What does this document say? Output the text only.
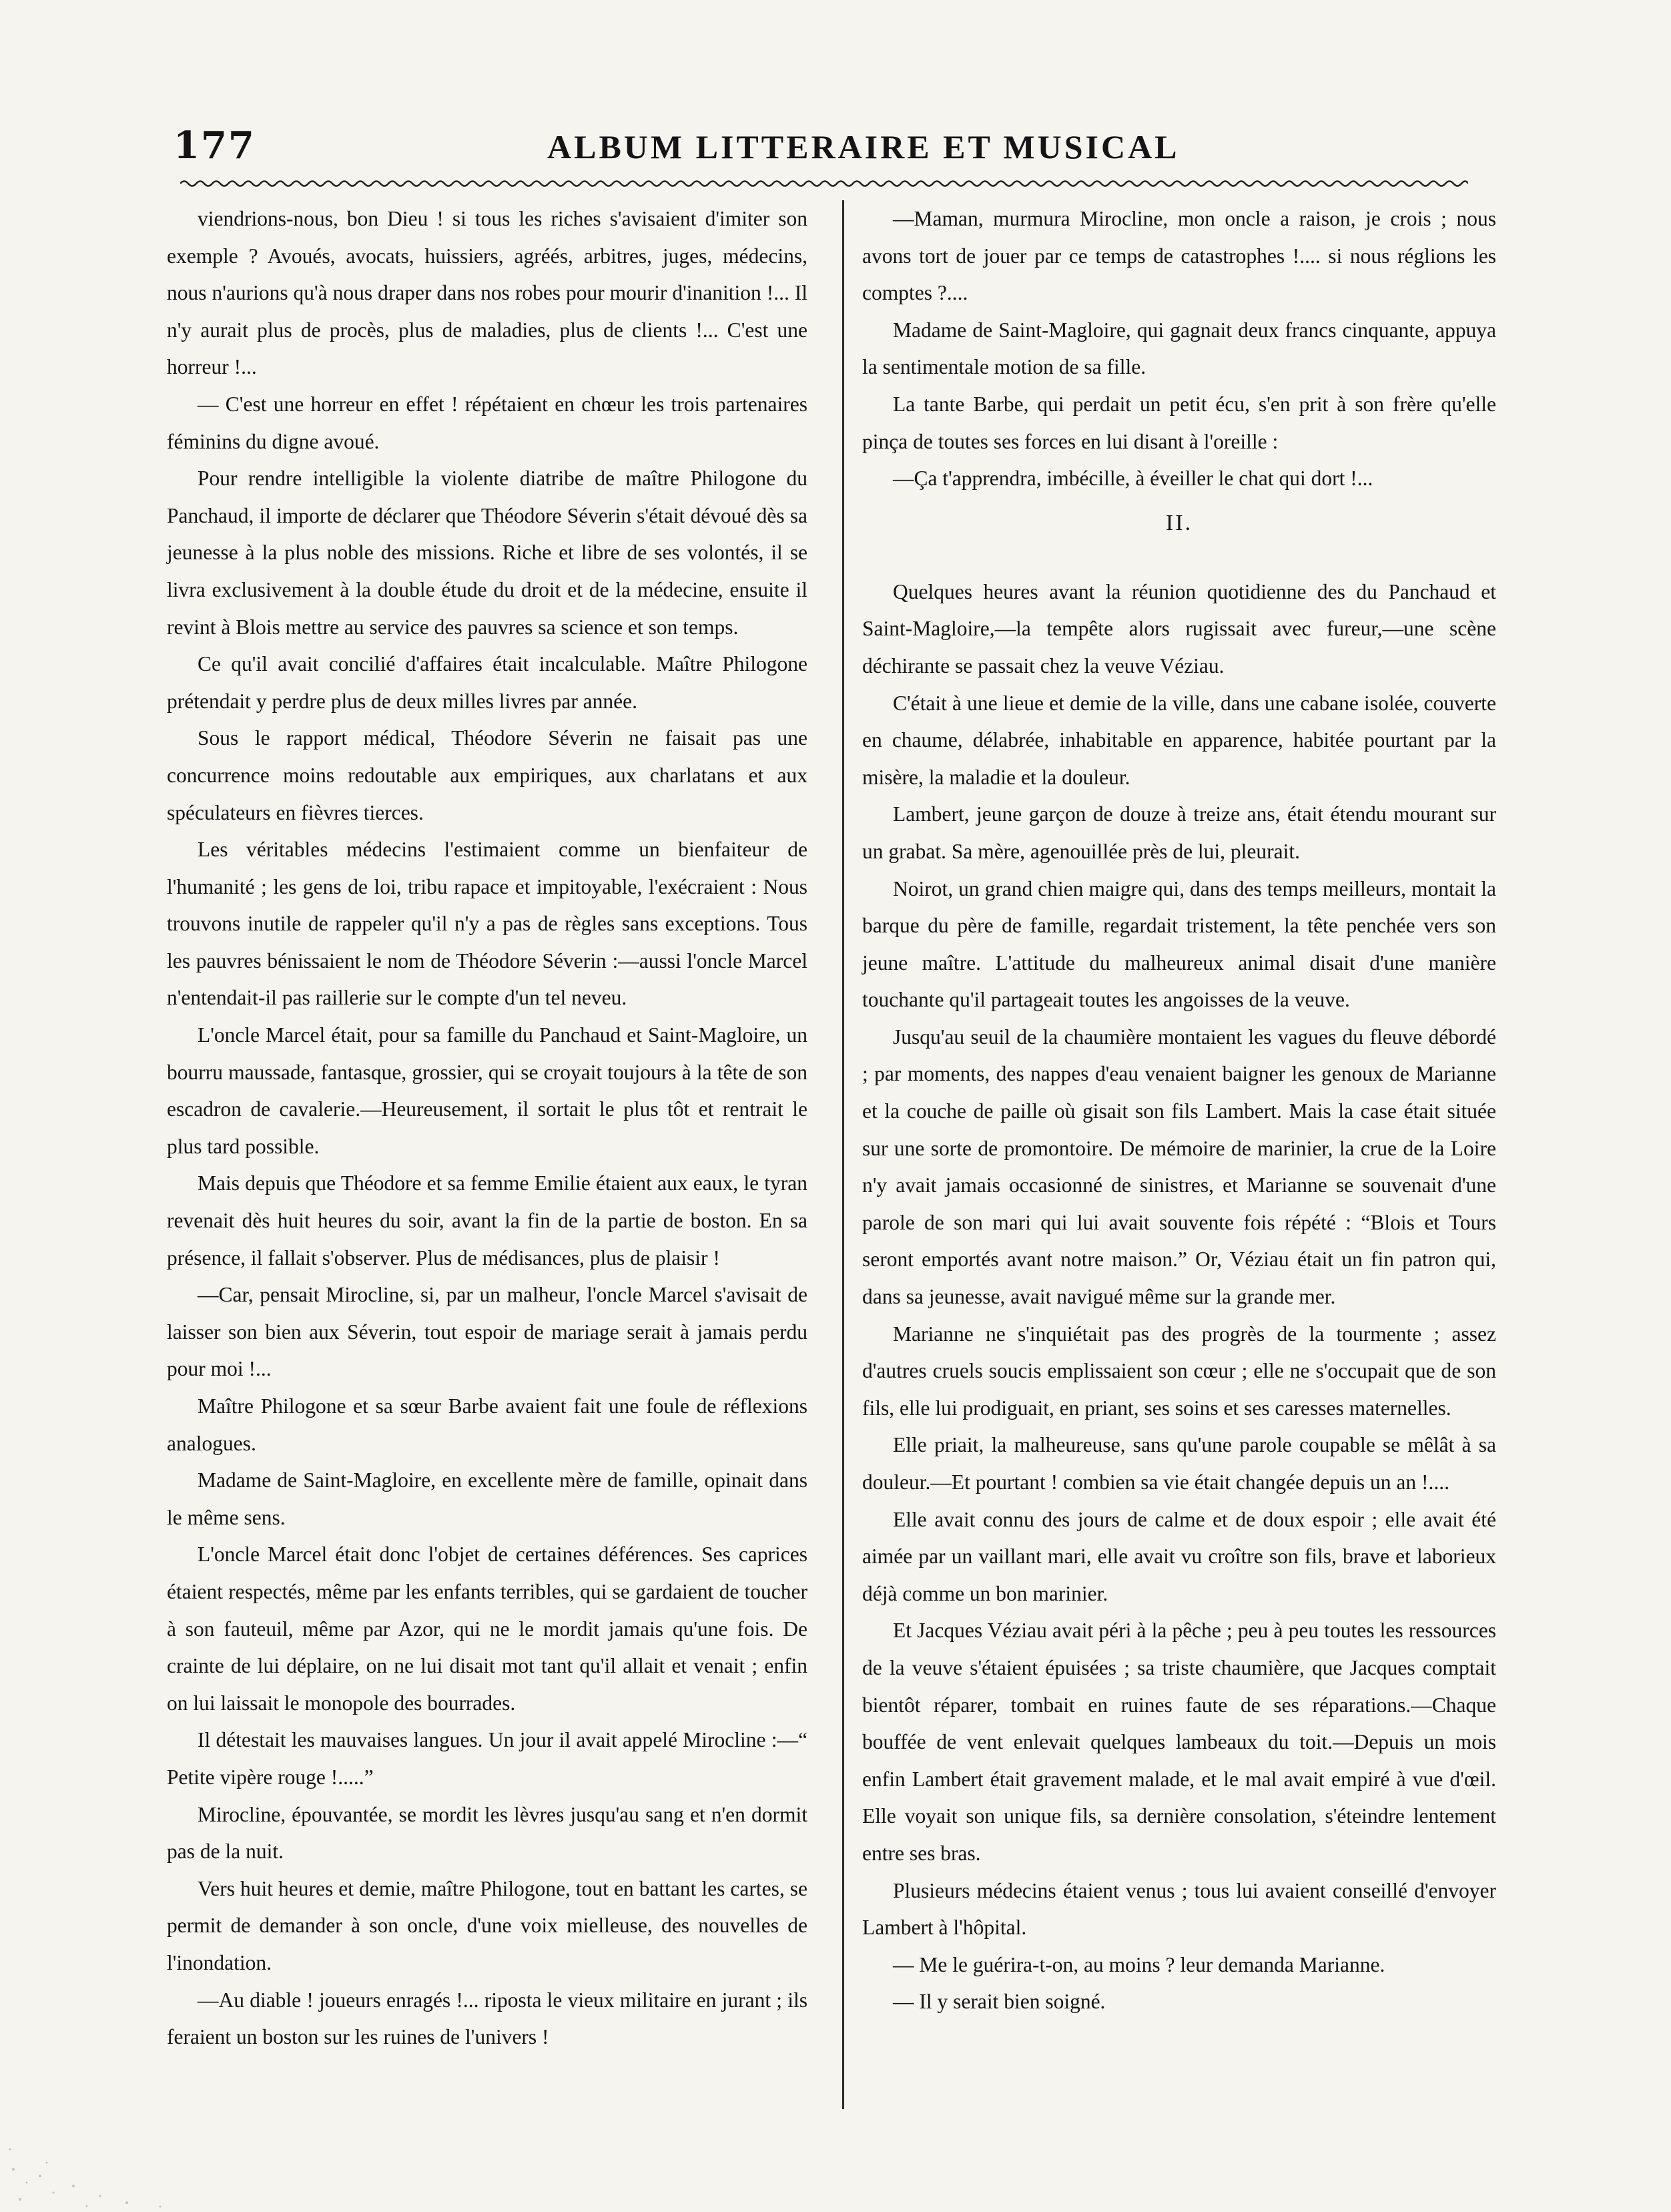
177	ALBUM LITTERAIRE ET MUSICAL

viendrions-nous, bon Dieu ! si tous les riches s'avisaient d'imiter son exemple ? Avoués, avocats, huissiers, agréés, arbitres, juges, médecins, nous n'aurions qu'à nous draper dans nos robes pour mourir d'inanition !... Il n'y aurait plus de procès, plus de maladies, plus de clients !... C'est une horreur !...

— C'est une horreur en effet ! répétaient en chœur les trois partenaires féminins du digne avoué.

Pour rendre intelligible la violente diatribe de maître Philogone du Panchaud, il importe de déclarer que Théodore Séverin s'était dévoué dès sa jeunesse à la plus noble des missions. Riche et libre de ses volontés, il se livra exclusivement à la double étude du droit et de la médecine, ensuite il revint à Blois mettre au service des pauvres sa science et son temps.

Ce qu'il avait concilié d'affaires était incalculable. Maître Philogone prétendait y perdre plus de deux milles livres par année.

Sous le rapport médical, Théodore Séverin ne faisait pas une concurrence moins redoutable aux empiriques, aux charlatans et aux spéculateurs en fièvres tierces.

Les véritables médecins l'estimaient comme un bienfaiteur de l'humanité ; les gens de loi, tribu rapace et impitoyable, l'exécraient : Nous trouvons inutile de rappeler qu'il n'y a pas de règles sans exceptions. Tous les pauvres bénissaient le nom de Théodore Séverin :—aussi l'oncle Marcel n'entendait-il pas raillerie sur le compte d'un tel neveu.

L'oncle Marcel était, pour sa famille du Panchaud et Saint-Magloire, un bourru maussade, fantasque, grossier, qui se croyait toujours à la tête de son escadron de cavalerie.—Heureusement, il sortait le plus tôt et rentrait le plus tard possible.

Mais depuis que Théodore et sa femme Emilie étaient aux eaux, le tyran revenait dès huit heures du soir, avant la fin de la partie de boston. En sa présence, il fallait s'observer. Plus de médisances, plus de plaisir !

—Car, pensait Mirocline, si, par un malheur, l'oncle Marcel s'avisait de laisser son bien aux Séverin, tout espoir de mariage serait à jamais perdu pour moi !...

Maître Philogone et sa sœur Barbe avaient fait une foule de réflexions analogues.

Madame de Saint-Magloire, en excellente mère de famille, opinait dans le même sens.

L'oncle Marcel était donc l'objet de certaines déférences. Ses caprices étaient respectés, même par les enfants terribles, qui se gardaient de toucher à son fauteuil, même par Azor, qui ne le mordit jamais qu'une fois. De crainte de lui déplaire, on ne lui disait mot tant qu'il allait et venait ; enfin on lui laissait le monopole des bourrades.

Il détestait les mauvaises langues. Un jour il avait appelé Mirocline :—“ Petite vipère rouge !.....”

Mirocline, épouvantée, se mordit les lèvres jusqu'au sang et n'en dormit pas de la nuit.

Vers huit heures et demie, maître Philogone, tout en battant les cartes, se permit de demander à son oncle, d'une voix mielleuse, des nouvelles de l'inondation.

—Au diable ! joueurs enragés !... riposta le vieux militaire en jurant ; ils feraient un boston sur les ruines de l'univers !

—Maman, murmura Mirocline, mon oncle a raison, je crois ; nous avons tort de jouer par ce temps de catastrophes !.... si nous réglions les comptes ?....

Madame de Saint-Magloire, qui gagnait deux francs cinquante, appuya la sentimentale motion de sa fille.

La tante Barbe, qui perdait un petit écu, s'en prit à son frère qu'elle pinça de toutes ses forces en lui disant à l'oreille :

—Ça t'apprendra, imbécille, à éveiller le chat qui dort !...

II.

Quelques heures avant la réunion quotidienne des du Panchaud et Saint-Magloire,—la tempête alors rugissait avec fureur,—une scène déchirante se passait chez la veuve Véziau.

C'était à une lieue et demie de la ville, dans une cabane isolée, couverte en chaume, délabrée, inhabitable en apparence, habitée pourtant par la misère, la maladie et la douleur.

Lambert, jeune garçon de douze à treize ans, était étendu mourant sur un grabat. Sa mère, agenouillée près de lui, pleurait.

Noirot, un grand chien maigre qui, dans des temps meilleurs, montait la barque du père de famille, regardait tristement, la tête penchée vers son jeune maître. L'attitude du malheureux animal disait d'une manière touchante qu'il partageait toutes les angoisses de la veuve.

Jusqu'au seuil de la chaumière montaient les vagues du fleuve débordé ; par moments, des nappes d'eau venaient baigner les genoux de Marianne et la couche de paille où gisait son fils Lambert. Mais la case était située sur une sorte de promontoire. De mémoire de marinier, la crue de la Loire n'y avait jamais occasionné de sinistres, et Marianne se souvenait d'une parole de son mari qui lui avait souvente fois répété : “Blois et Tours seront emportés avant notre maison.” Or, Véziau était un fin patron qui, dans sa jeunesse, avait navigué même sur la grande mer.

Marianne ne s'inquiétait pas des progrès de la tourmente ; assez d'autres cruels soucis emplissaient son cœur ; elle ne s'occupait que de son fils, elle lui prodiguait, en priant, ses soins et ses caresses maternelles.

Elle priait, la malheureuse, sans qu'une parole coupable se mêlât à sa douleur.—Et pourtant ! combien sa vie était changée depuis un an !....

Elle avait connu des jours de calme et de doux espoir ; elle avait été aimée par un vaillant mari, elle avait vu croître son fils, brave et laborieux déjà comme un bon marinier.

Et Jacques Véziau avait péri à la pêche ; peu à peu toutes les ressources de la veuve s'étaient épuisées ; sa triste chaumière, que Jacques comptait bientôt réparer, tombait en ruines faute de ses réparations.—Chaque bouffée de vent enlevait quelques lambeaux du toit.—Depuis un mois enfin Lambert était gravement malade, et le mal avait empiré à vue d'œil. Elle voyait son unique fils, sa dernière consolation, s'éteindre lentement entre ses bras.

Plusieurs médecins étaient venus ; tous lui avaient conseillé d'envoyer Lambert à l'hôpital.

— Me le guérira-t-on, au moins ? leur demanda Marianne.

— Il y serait bien soigné.
